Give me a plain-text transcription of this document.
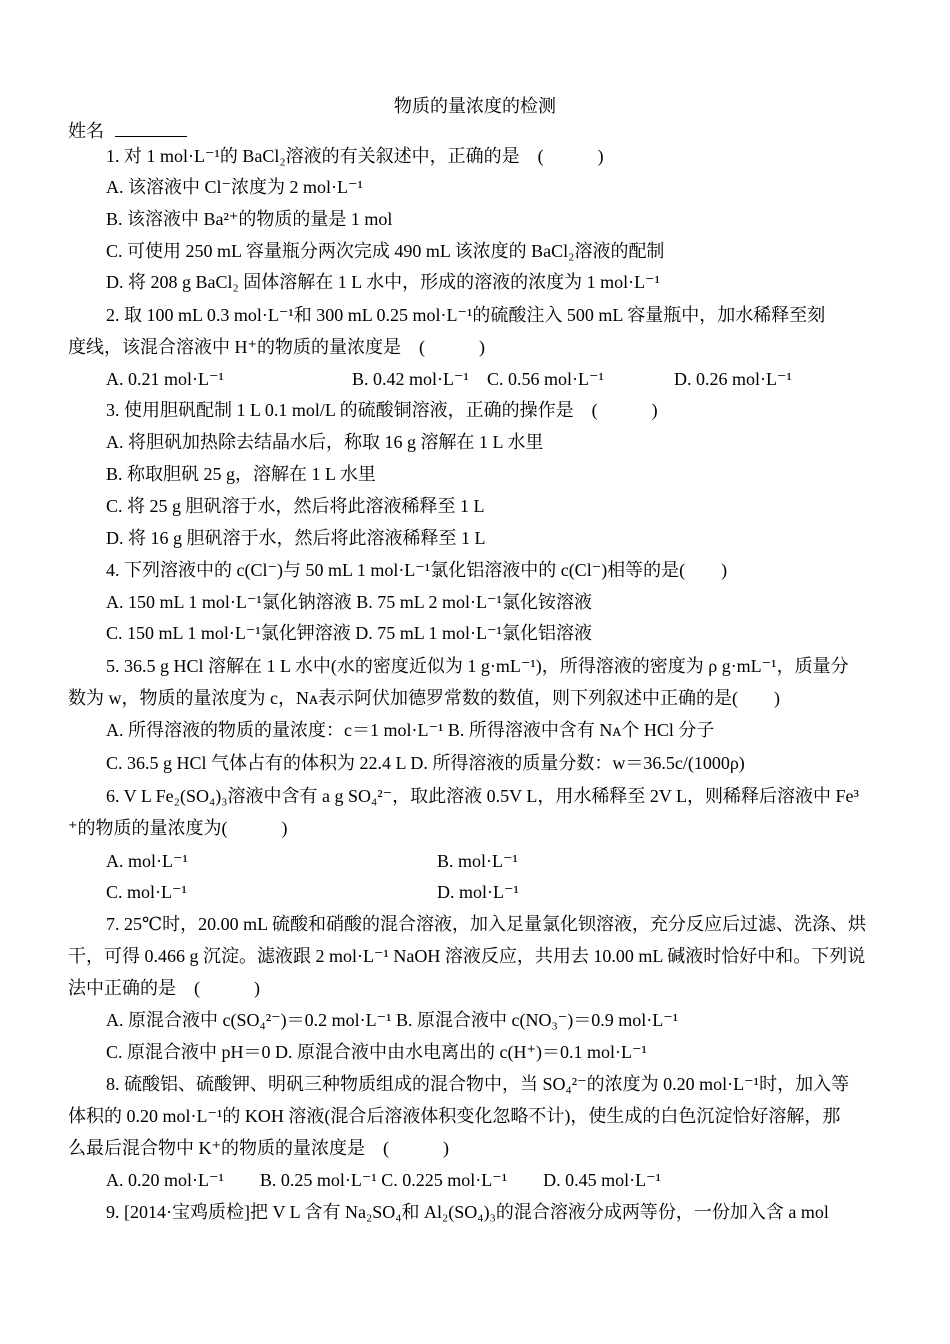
物质的量浓度的检测
姓名
1. 对 1 mol·L⁻¹的 BaCl₂溶液的有关叙述中，正确的是　(　　　)
A. 该溶液中 Cl⁻浓度为 2 mol·L⁻¹
B. 该溶液中 Ba²⁺的物质的量是 1 mol
C. 可使用 250 mL 容量瓶分两次完成 490 mL 该浓度的 BaCl₂溶液的配制
D. 将 208 g BaCl₂ 固体溶解在 1 L 水中，形成的溶液的浓度为 1 mol·L⁻¹
2. 取 100 mL 0.3 mol·L⁻¹和 300 mL 0.25 mol·L⁻¹的硫酸注入 500 mL 容量瓶中，加水稀释至刻
度线，该混合溶液中 H⁺的物质的量浓度是　(　　　)
A. 0.21 mol·L⁻¹	B. 0.42 mol·L⁻¹ C. 0.56 mol·L⁻¹	D. 0.26 mol·L⁻¹
3. 使用胆矾配制 1 L 0.1 mol/L 的硫酸铜溶液，正确的操作是　(　　　)
A. 将胆矾加热除去结晶水后，称取 16 g 溶解在 1 L 水里
B. 称取胆矾 25 g，溶解在 1 L 水里
C. 将 25 g 胆矾溶于水，然后将此溶液稀释至 1 L
D. 将 16 g 胆矾溶于水，然后将此溶液稀释至 1 L
4. 下列溶液中的 c(Cl⁻)与 50 mL 1 mol·L⁻¹氯化铝溶液中的 c(Cl⁻)相等的是(　　)
A. 150 mL 1 mol·L⁻¹氯化钠溶液 B. 75 mL 2 mol·L⁻¹氯化铵溶液
C. 150 mL 1 mol·L⁻¹氯化钾溶液 D. 75 mL 1 mol·L⁻¹氯化铝溶液
5. 36.5 g HCl 溶解在 1 L 水中(水的密度近似为 1 g·mL⁻¹)，所得溶液的密度为 ρ g·mL⁻¹，质量分
数为 w，物质的量浓度为 c，Nᴀ表示阿伏加德罗常数的数值，则下列叙述中正确的是(　　)
A. 所得溶液的物质的量浓度：c＝1 mol·L⁻¹ B. 所得溶液中含有 Nᴀ个 HCl 分子
C. 36.5 g HCl 气体占有的体积为 22.4 L D. 所得溶液的质量分数：w＝36.5c/(1000ρ)
6. V L Fe₂(SO₄)₃溶液中含有 a g SO₄²⁻，取此溶液 0.5V L，用水稀释至 2V L，则稀释后溶液中 Fe³
⁺的物质的量浓度为(　　　)
A. mol·L⁻¹	B. mol·L⁻¹
C. mol·L⁻¹	D. mol·L⁻¹
7. 25℃时，20.00 mL 硫酸和硝酸的混合溶液，加入足量氯化钡溶液，充分反应后过滤、洗涤、烘
干，可得 0.466 g 沉淀。滤液跟 2 mol·L⁻¹ NaOH 溶液反应，共用去 10.00 mL 碱液时恰好中和。下列说
法中正确的是　(　　　)
A. 原混合液中 c(SO₄²⁻)＝0.2 mol·L⁻¹ B. 原混合液中 c(NO₃⁻)＝0.9 mol·L⁻¹
C. 原混合液中 pH＝0 D. 原混合液中由水电离出的 c(H⁺)＝0.1 mol·L⁻¹
8. 硫酸铝、硫酸钾、明矾三种物质组成的混合物中，当 SO₄²⁻的浓度为 0.20 mol·L⁻¹时，加入等
体积的 0.20 mol·L⁻¹的 KOH 溶液(混合后溶液体积变化忽略不计)，使生成的白色沉淀恰好溶解，那
么最后混合物中 K⁺的物质的量浓度是　(　　　)
A. 0.20 mol·L⁻¹　　B. 0.25 mol·L⁻¹ C. 0.225 mol·L⁻¹　　D. 0.45 mol·L⁻¹
9. [2014·宝鸡质检]把 V L 含有 Na₂SO₄和 Al₂(SO₄)₃的混合溶液分成两等份，一份加入含 a mol
